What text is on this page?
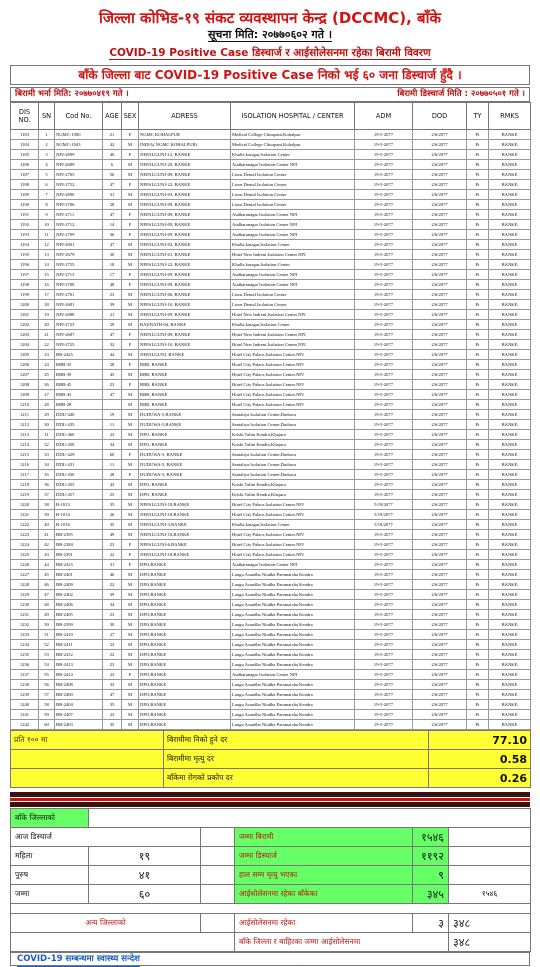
जिल्ला कोभिड-१९ संकट व्यवस्थापन केन्द्र (DCCMC), बाँके
सूचना मिति: २०७७०६०२ गते ।
COVID-19 Positive Case डिस्चार्ज र आईसोलेसनमा रहेका बिरामी विवरण
बाँके जिल्ला बाट COVID-19 Positive Case निको भई ६० जना डिस्चार्ज हुँदै ।
बिरामी भर्ना मिति: २०७७०४१९ गते ।	बिरामी डिस्चार्ज मिति : २०७७०५०१ गते ।
DIS NO.	SN	Cod No.	AGE	SEX	ADRESS	ISOLATION HOSPITAL / CENTER	ADM	DOD	TY	RMKS
1183	1	NGMC-1000	21	F	NGMC KOHALPUR	Medical College Chisapani,Kohalpur	19-5-2077	2/6/2077	Pt	BANKE
1184	2	NGMC-1043	42	M	INDIA( NGMC KOHALPUR)	Medical College Chisapani,Kohalpur	19-5-2077	2/6/2077	Pt	BANKE
1185	3	NPJ-2699	40	F	NEPALGUNJ-12, BANKE	Khulla karagar,Isolation Center	19-5-2077	2/6/2077	Pt	BANKE
1186	4	NPJ-2689	6	M	NEPALGUNJ-20, BANKE	Audharanagar Isolation Center NPJ	19-5-2077	2/6/2077	Pt	BANKE
1187	5	NPJ-2705	56	M	NEPALGUNJ-09, BANKE	Lions Dental Isolation Center	19-5-2077	2/6/2077	Pt	BANKE
1188	6	NPJ-2752	47	F	NEPALGUNJ-22, BANKE	Lions Dental Isolation Center	19-5-2077	2/6/2077	Pt	BANKE
1189	7	NPJ-2690	31	M	NEPALGUNJ-03, BANKE	Lions Dental Isolation Center	19-5-2077	2/6/2077	Pt	BANKE
1190	8	NPJ-2706	28	M	NEPALGUNJ-09, BANKE	Lions Dental Isolation Center	19-5-2077	2/6/2077	Pt	BANKE
1191	9	NPJ-2711	47	F	NEPALGUNJ-09, BANKE	Audharanagar Isolation Center NPJ	19-5-2077	2/6/2077	Pt	BANKE
1192	10	NPJ-2712	14	F	NEPALGUNJ-09, BANKE	Audharanagar Isolation Center NPJ	19-5-2077	2/6/2077	Pt	BANKE
1193	11	NPJ-2709	36	F	NEPALGUNJ-09, BANKE	Audharanagar Isolation Center NPJ	19-5-2077	2/6/2077	Pt	BANKE
1194	12	NPJ-2691	47	M	NEPALGUNJ-02, BANKE	Khulla karagar,Isolation Center	19-5-2077	2/6/2077	Pt	BANKE
1195	13	NPJ-2679	30	M	NEPALGUNJ-01, BANKE	Hotel New Indreni,Isolation Center,NPJ	19-5-2077	2/6/2077	Pt	BANKE
1196	14	NPJ-2755	18	M	NEPALGUNJ-22, BANKE	Khulla karagar,Isolation Center	19-5-2077	2/6/2077	Pt	BANKE
1197	15	NPJ-2713	17	F	NEPALGUNJ-09, BANKE	Audharanagar Isolation Center NPJ	19-5-2077	2/6/2077	Pt	BANKE
1198	16	NPJ-2708	48	F	NEPALGUNJ-09, BANKE	Audharanagar Isolation Center NPJ	19-5-2077	2/6/2077	Pt	BANKE
1199	17	NPJ-2701	23	M	NEPALGUNJ-06, BANKE	Lions Dental Isolation Center	19-5-2077	2/6/2077	Pt	BANKE
1200	18	NPJ-2681	39	M	NEPALGUNJ-10, BANKE	Lions Dental Isolation Center	19-5-2077	2/6/2077	Pt	BANKE
1201	19	NPJ-2688	21	M	NEPALGUNJ-09, BANKE	Hotel New Indreni,Isolation Center,NPJ	19-5-2077	2/6/2077	Pt	BANKE
1202	20	NPJ-2723	29	M	BAIJNATH-04, BANKE	Khulla karagar,Isolation Center	19-5-2077	2/6/2077	Pt	BANKE
1203	21	NPJ-2687	47	F	NEPALGUNJ-09, BANKE	Hotel New Indreni,Isolation Center,NPJ	19-5-2077	2/6/2077	Pt	BANKE
1204	22	NPJ-2725	32	F	NEPALGUNJ-10, BANKE	Hotel New Indreni,Isolation Center,NPJ	19-5-2077	2/6/2077	Pt	BANKE
1205	23	BB-2425	44	M	NEPALGUNJ, BANKE	Hotel City Palace,Isolation Center,NPJ	19-5-2077	2/6/2077	Pt	BANKE
1206	24	RBB-35	28	F	RBB, BANKE	Hotel City Palace,Isolation Center,NPJ	19-5-2077	2/6/2077	Pt	BANKE
1207	25	RBB-39	45	M	RBB, BANKE	Hotel City Palace,Isolation Center,NPJ	19-5-2077	2/6/2077	Pt	BANKE
1208	26	RBB-45	23	F	RBB, BANKE	Hotel City Palace,Isolation Center,NPJ	19-5-2077	2/6/2077	Pt	BANKE
1209	27	RBB-43	47	M	RBB, BANKE	Hotel City Palace,Isolation Center,NPJ	19-5-2077	2/6/2077	Pt	BANKE
1210	28	RBB-28		M	RBB, BANKE	Hotel City Palace,Isolation Center,NPJ	19-5-2077	2/6/2077	Pt	BANKE
1211	29	DDU-440	19	M	DUDUWA-5,BANKE	Santaliya Isolation Center,Dudawa	19-5-2077	2/6/2077	Pt	BANKE
1212	30	DDU-435	11	M	DUDUWA-5,BANKE	Santaliya Isolation Center,Dudawa	19-5-2077	2/6/2077	Pt	BANKE
1213	31	DDU-460	23	M	DPO, BANKE	Krishi Talim Kendra,Khajura	19-5-2077	2/6/2077	Pt	BANKE
1214	32	DDU-458	34	M	DPO, BANKE	Krishi Talim Kendra,Khajura	19-5-2077	2/6/2077	Pt	BANKE
1215	33	DDU-429	60	F	DUDUWA-5, BANKE	Santaliya Isolation Center,Dudawa	19-5-2077	2/6/2077	Pt	BANKE
1216	34	DDU-431	11	M	DUDUWA-5, BANKE	Santaliya Isolation Center,Dudawa	19-5-2077	2/6/2077	Pt	BANKE
1217	35	DDU-430	28	F	DUDUWA-5, BANKE	Santaliya Isolation Center,Dudawa	19-5-2077	2/6/2077	Pt	BANKE
1218	36	DDU-455	43	M	DPO, BANKE	Krishi Talim Kendra,Khajura	19-5-2077	2/6/2077	Pt	BANKE
1219	37	DDU-457	25	M	DPO, BANKE	Krishi Talim Kendra,Khajura	19-5-2077	2/6/2077	Pt	BANKE
1220	38	B-1013	35	M	NEPALGUNJ-18,BANKE	Hotel City Palace,Isolation Center,NPJ	5/19/2077	2/6/2077	Pt	BANKE
1221	39	B-1014	26	M	NEPALGUNJ-18,BANKE	Hotel City Palace,Isolation Center,NPJ	5/19/2077	2/6/2077	Pt	BANKE
1222	40	B-1016	35	M	NEPALGUNJ-3,BANKE	Khulla karagar,Isolation Center	5/19/2077	2/6/2077	Pt	BANKE
1223	41	BB-2395	49	M	NEPALGUNJ-18,BANKE	Hotel City Palace,Isolation Center,NPJ	19-5-2077	2/6/2077	Pt	BANKE
1224	42	BB-2384	23	F	NEPALGUNJ-6,BANKE	Hotel City Palace,Isolation Center,NPJ	19-5-2077	2/6/2077	Pt	BANKE
1225	43	BB-2391	22	F	NEPALGUNJ-18,BANKE	Hotel City Palace,Isolation Center,NPJ	19-5-2077	2/6/2077	Pt	BANKE
1226	44	BB-2415	31	F	DPO,BANKE	Audharanagar Isolation Center NPJ	19-5-2077	2/6/2077	Pt	BANKE
1227	45	BB-2401	46	M	DPO,BANKE	Laugu Asaudha Niudha Paramarsha Kendra	19-5-2077	2/6/2077	Pt	BANKE
1228	46	BB-2409	22	M	DPO,BANKE	Laugu Asaudha Niudha Paramarsha Kendra	19-5-2077	2/6/2077	Pt	BANKE
1229	47	BB-2402	39	M	DPO,BANKE	Laugu Asaudha Niudha Paramarsha Kendra	19-5-2077	2/6/2077	Pt	BANKE
1230	48	BB-2406	34	M	DPO,BANKE	Laugu Asaudha Niudha Paramarsha Kendra	19-5-2077	2/6/2077	Pt	BANKE
1231	49	BB-2405	23	M	DPO,BANKE	Laugu Asaudha Niudha Paramarsha Kendra	19-5-2077	2/6/2077	Pt	BANKE
1232	50	BB-2399	30	M	DPO,BANKE	Laugu Asaudha Niudha Paramarsha Kendra	19-5-2077	2/6/2077	Pt	BANKE
1233	51	BB-2410	27	M	DPO,BANKE	Laugu Asaudha Niudha Paramarsha Kendra	19-5-2077	2/6/2077	Pt	BANKE
1234	52	BB-2411	23	M	DPO,BANKE	Laugu Asaudha Niudha Paramarsha Kendra	19-5-2077	2/6/2077	Pt	BANKE
1235	53	BB-2412	22	M	DPO,BANKE	Laugu Asaudha Niudha Paramarsha Kendra	19-5-2077	2/6/2077	Pt	BANKE
1236	54	BB-2413	23	M	DPO,BANKE	Laugu Asaudha Niudha Paramarsha Kendra	19-5-2077	2/6/2077	Pt	BANKE
1237	55	BB-2414	23	F	DPO,BANKE	Audharanagar Isolation Center NPJ	19-5-2077	2/6/2077	Pt	BANKE
1238	56	BB-2408	33	M	DPO,BANKE	Laugu Asaudha Niudha Paramarsha Kendra	19-5-2077	2/6/2077	Pt	BANKE
1239	57	BB-2400	47	M	DPO,BANKE	Laugu Asaudha Niudha Paramarsha Kendra	19-5-2077	2/6/2077	Pt	BANKE
1240	58	BB-2404	35	M	DPO,BANKE	Laugu Asaudha Niudha Paramarsha Kendra	19-5-2077	2/6/2077	Pt	BANKE
1241	59	BB-2407	23	M	DPO,BANKE	Laugu Asaudha Niudha Paramarsha Kendra	19-5-2077	2/6/2077	Pt	BANKE
1242	60	BB-2403	35	M	DPO,BANKE	Laugu Asaudha Niudha Paramarsha Kendra	19-5-2077	2/6/2077	Pt	BANKE
प्रति १०० मा	बिरामीमा निको हुने दर	77.10
	बिरामीमा मृत्यु दर	0.58
	बाँकेमा रोगको प्रकोप दर	0.26
बाँके जिल्लाको					
आज डिस्चार्ज			जम्मा बिरामी	१५४६	
महिला	१९		जम्मा डिस्चार्ज	११९२	
पुरुष	४१		हाल सम्म मृत्यु भएका	९	
जम्मा	६०		आईसोलेसनमा रहेका बाँकेका	३४५	१५४६

अन्य जिल्लाको			आईसोलेसनमा रहेका	३	३४८
			बाँके जिल्ला र बाहिरका जम्मा आईसोलेसनमा		३४८
COVID-19 सम्बन्धमा स्वास्थ्य सन्देश
